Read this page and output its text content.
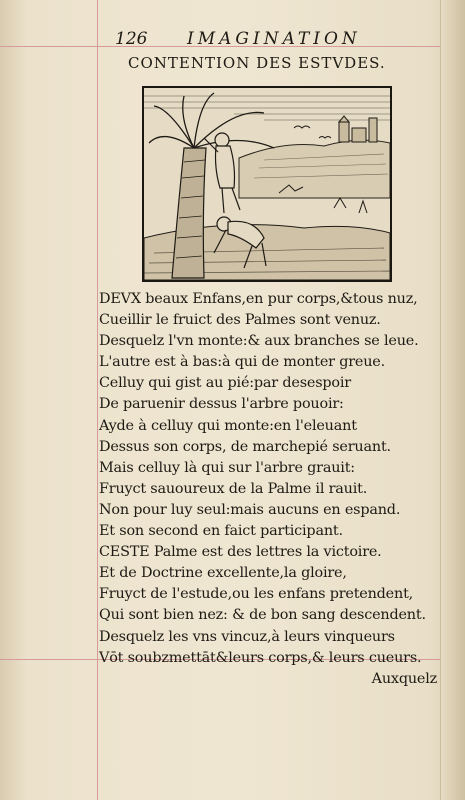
126 IMAGINATION
CONTENTION DES ESTVDES.
DEVX beaux Enfans,en pur corps,&tous nuz,
Cueillir le fruict des Palmes sont venuz.
Desquelz l'vn monte:& aux branches se leue.
L'autre est à bas:à qui de monter greue.
Celluy qui gist au pié:par desespoir
De paruenir dessus l'arbre pouoir:
Ayde à celluy qui monte:en l'eleuant
Dessus son corps, de marchepié seruant.
Mais celluy là qui sur l'arbre grauit:
Fruyct sauoureux de la Palme il rauit.
Non pour luy seul:mais aucuns en espand.
Et son second en faict participant.
CESTE Palme est des lettres la victoire.
Et de Doctrine excellente,la gloire,
Fruyct de l'estude,ou les enfans pretendent,
Qui sont bien nez: & de bon sang descendent.
Desquelz les vns vincuz,à leurs vinqueurs
Vōt soubzmettāt&leurs corps,& leurs cueurs.
Auxquelz
